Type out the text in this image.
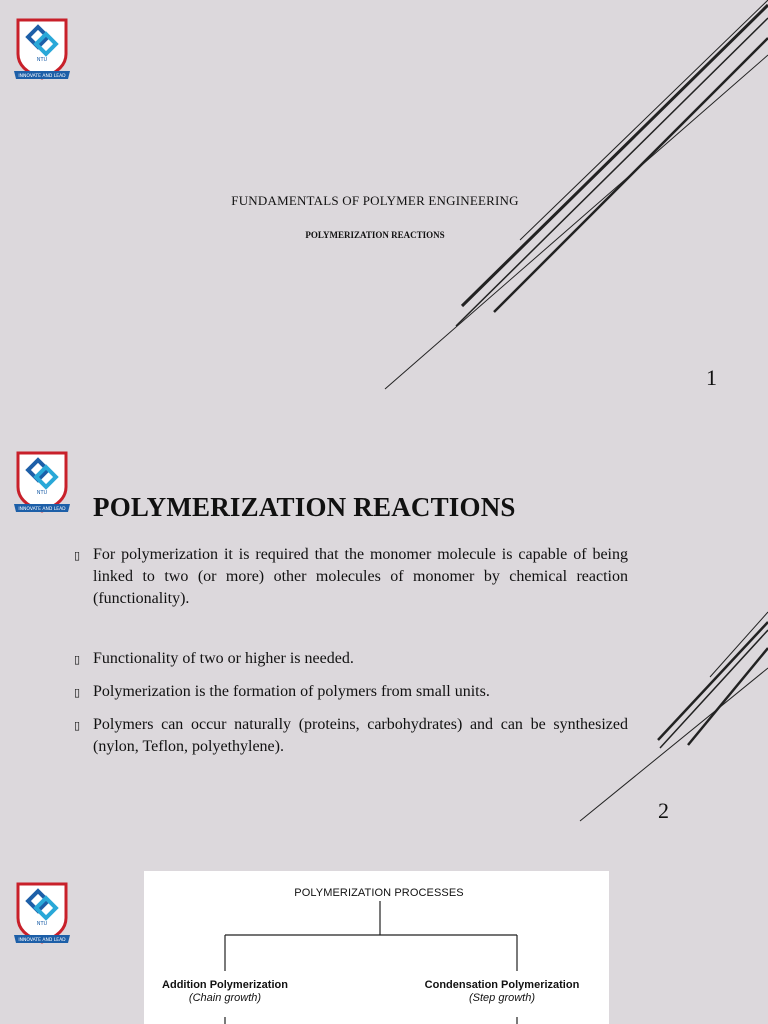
NTU
INNOVATE AND LEAD
FUNDAMENTALS OF POLYMER ENGINEERING
POLYMERIZATION REACTIONS
1
NTU
INNOVATE AND LEAD POLYMERIZATION REACTIONS
▯ For polymerization it is required that the monomer molecule is capable of being linked to two (or more) other molecules of monomer by chemical reaction (functionality).
▯ Functionality of two or higher is needed.
▯ Polymerization is the formation of polymers from small units.
▯ Polymers can occur naturally (proteins, carbohydrates) and can be synthesized (nylon, Teflon, polyethylene).
2
NTU
INNOVATE AND LEAD
POLYMERIZATION PROCESSES
Addition Polymerization
(Chain growth)
Condensation Polymerization
(Step growth)
